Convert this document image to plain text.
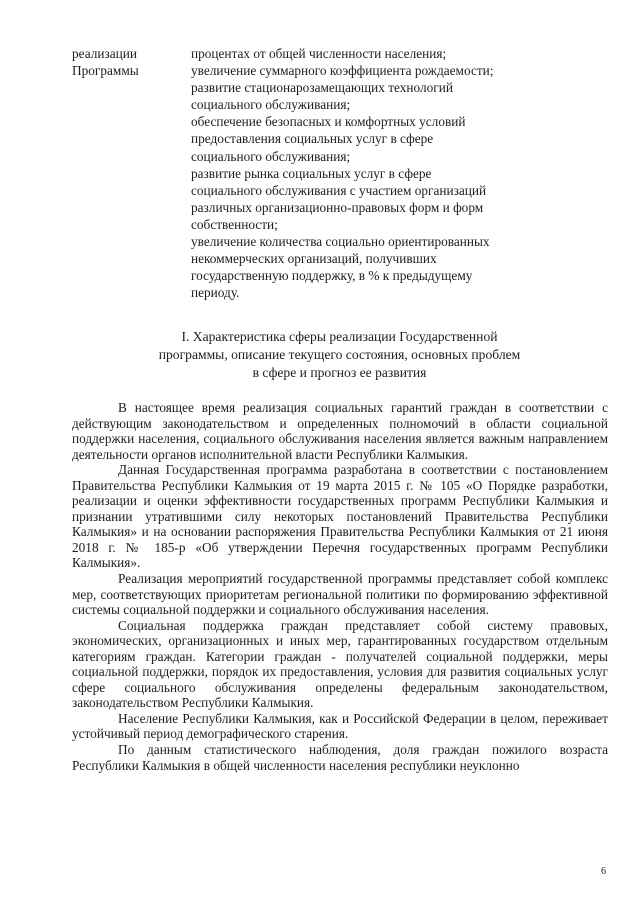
реализации
Программы

процентах от общей численности населения;

увеличение суммарного коэффициента рождаемости;

развитие стационарозамещающих технологий

социального обслуживания;

обеспечение безопасных и комфортных условий

предоставления социальных услуг в сфере

социального обслуживания;

развитие рынка социальных услуг в сфере

социального обслуживания с участием организаций

различных организационно-правовых форм и форм

собственности;

увеличение количества социально ориентированных

некоммерческих организаций, получивших

государственную поддержку, в % к предыдущему

периоду.

I. Характеристика сферы реализации Государственной

программы, описание текущего состояния, основных проблем

в сфере и прогноз ее развития

В настоящее время реализация социальных гарантий граждан в соответствии с действующим законодательством и определенных полномочий в области социальной поддержки населения, социального обслуживания населения является важным направлением деятельности органов исполнительной власти Республики Калмыкия.

Данная Государственная программа разработана в соответствии с постановлением Правительства Республики Калмыкия от 19 марта 2015 г. № 105 «О Порядке разработки, реализации и оценки эффективности государственных программ Республики Калмыкия и признании утратившими силу некоторых постановлений Правительства Республики Калмыкия» и на основании распоряжения Правительства Республики Калмыкия от 21 июня 2018 г. № 185-р «Об утверждении Перечня государственных программ Республики Калмыкия».

Реализация мероприятий государственной программы представляет собой комплекс мер, соответствующих приоритетам региональной политики по формированию эффективной системы социальной поддержки и социального обслуживания населения.

Социальная поддержка граждан представляет собой систему правовых, экономических, организационных и иных мер, гарантированных государством отдельным категориям граждан. Категории граждан - получателей социальной поддержки, меры социальной поддержки, порядок их предоставления, условия для развития социальных услуг сфере социального обслуживания определены федеральным законодательством, законодательством Республики Калмыкия.

Население Республики Калмыкия, как и Российской Федерации в целом, переживает устойчивый период демографического старения.

По данным статистического наблюдения, доля граждан пожилого возраста Республики Калмыкия в общей численности населения республики неуклонно

6
